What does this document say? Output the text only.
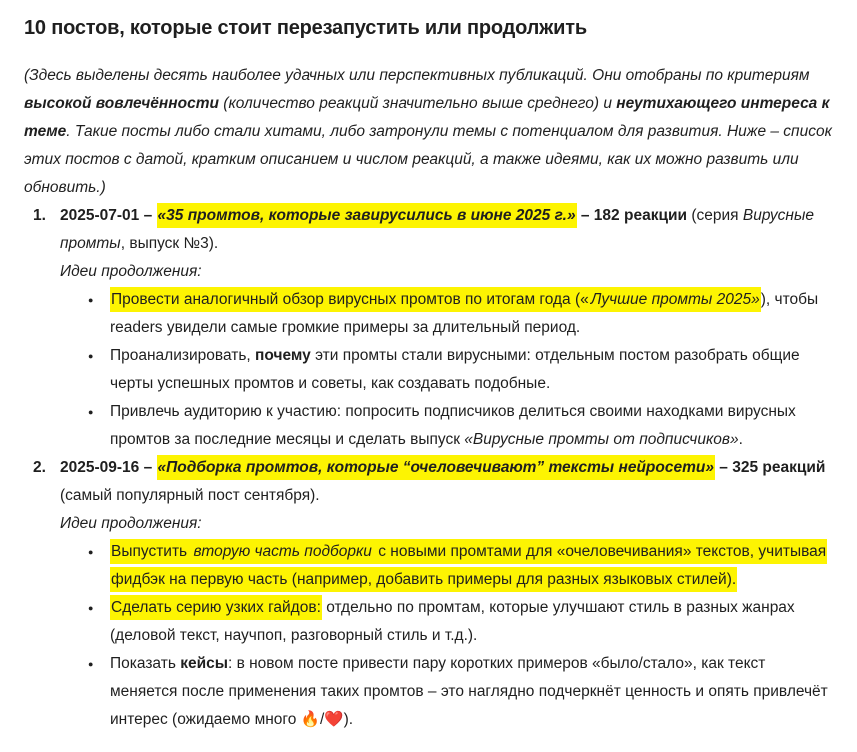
10 постов, которые стоит перезапустить или продолжить

(Здесь выделены десять наиболее удачных или перспективных публикаций. Они отобраны по критериям высокой вовлечённости (количество реакций значительно выше среднего) и неутихающего интереса к теме. Такие посты либо стали хитами, либо затронули темы с потенциалом для развития. Ниже – список этих постов с датой, кратким описанием и числом реакций, а также идеями, как их можно развить или обновить.)

1. 2025-07-01 – «35 промтов, которые завирусились в июне 2025 г.» – 182 реакции (серия Вирусные промты, выпуск №3).

Идеи продолжения:

●	Провести аналогичный обзор вирусных промтов по итогам года (« Лучшие промты 2025»), чтобы readers увидели самые громкие примеры за длительный период.

●	Проанализировать, почему эти промты стали вирусными: отдельным постом разобрать общие черты успешных промтов и советы, как создавать подобные.

●	Привлечь аудиторию к участию: попросить подписчиков делиться своими находками вирусных промтов за последние месяцы и сделать выпуск «Вирусные промты от подписчиков».

2. 2025-09-16 – «Подборка промтов, которые “очеловечивают” тексты нейросети» – 325 реакций (самый популярный пост сентября).

Идеи продолжения:

●	Выпустить вторую часть подборки с новыми промтами для «очеловечивания» текстов, учитывая фидбэк на первую часть (например, добавить примеры для разных языковых стилей).

●	Сделать серию узких гайдов: отдельно по промтам, которые улучшают стиль в разных жанрах (деловой текст, научпоп, разговорный стиль и т.д.).

●	Показать кейсы: в новом посте привести пару коротких примеров «было/стало», как текст меняется после применения таких промтов – это наглядно подчеркнёт ценность и опять привлечёт интерес (ожидаемо много 🔥/❤️).
